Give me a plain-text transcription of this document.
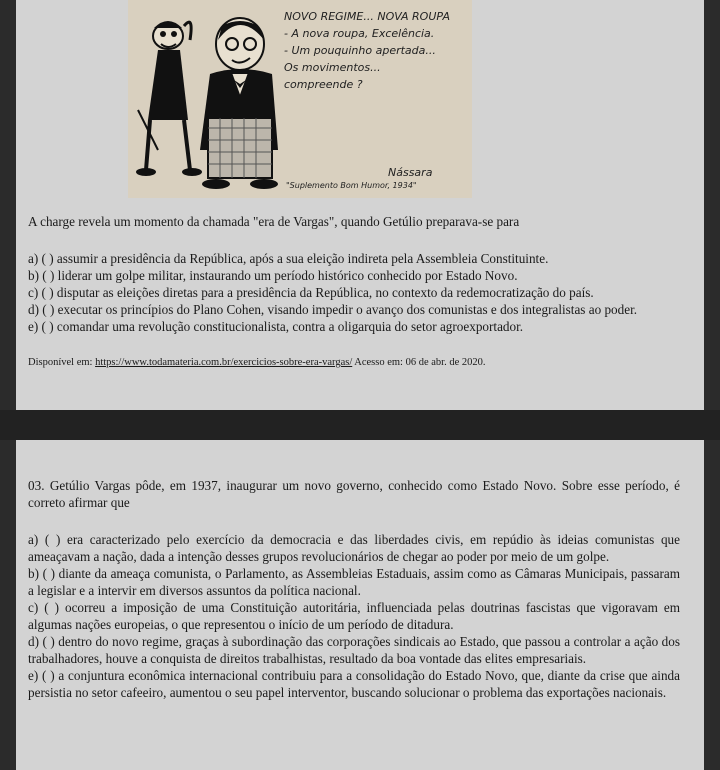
NOVO REGIME... NOVA ROUPA
- A nova roupa, Excelência.
- Um pouquinho apertada...
Os movimentos...
compreende ?
Nássara
"Suplemento Bom Humor, 1934"
A charge revela um momento da chamada "era de Vargas", quando Getúlio preparava-se para

a) ( ) assumir a presidência da República, após a sua eleição indireta pela Assembleia Constituinte.

b) ( ) liderar um golpe militar, instaurando um período histórico conhecido por Estado Novo.

c) ( ) disputar as eleições diretas para a presidência da República, no contexto da redemocratização do país.

d) ( ) executar os princípios do Plano Cohen, visando impedir o avanço dos comunistas e dos integralistas ao poder.

e) ( ) comandar uma revolução constitucionalista, contra a oligarquia do setor agroexportador.

Disponível em: https://www.todamateria.com.br/exercicios-sobre-era-vargas/ Acesso em: 06 de abr. de 2020.

03. Getúlio Vargas pôde, em 1937, inaugurar um novo governo, conhecido como Estado Novo. Sobre esse período, é correto afirmar que

a) ( ) era caracterizado pelo exercício da democracia e das liberdades civis, em repúdio às ideias comunistas que ameaçavam a nação, dada a intenção desses grupos revolucionários de chegar ao poder por meio de um golpe.

b) ( ) diante da ameaça comunista, o Parlamento, as Assembleias Estaduais, assim como as Câmaras Municipais, passaram a legislar e a intervir em diversos assuntos da política nacional.

c) ( ) ocorreu a imposição de uma Constituição autoritária, influenciada pelas doutrinas fascistas que vigoravam em algumas nações europeias, o que representou o início de um período de ditadura.

d) ( ) dentro do novo regime, graças à subordinação das corporações sindicais ao Estado, que passou a controlar a ação dos trabalhadores, houve a conquista de direitos trabalhistas, resultado da boa vontade das elites empresariais.

e) ( ) a conjuntura econômica internacional contribuiu para a consolidação do Estado Novo, que, diante da crise que ainda persistia no setor cafeeiro, aumentou o seu papel interventor, buscando solucionar o problema das exportações nacionais.
